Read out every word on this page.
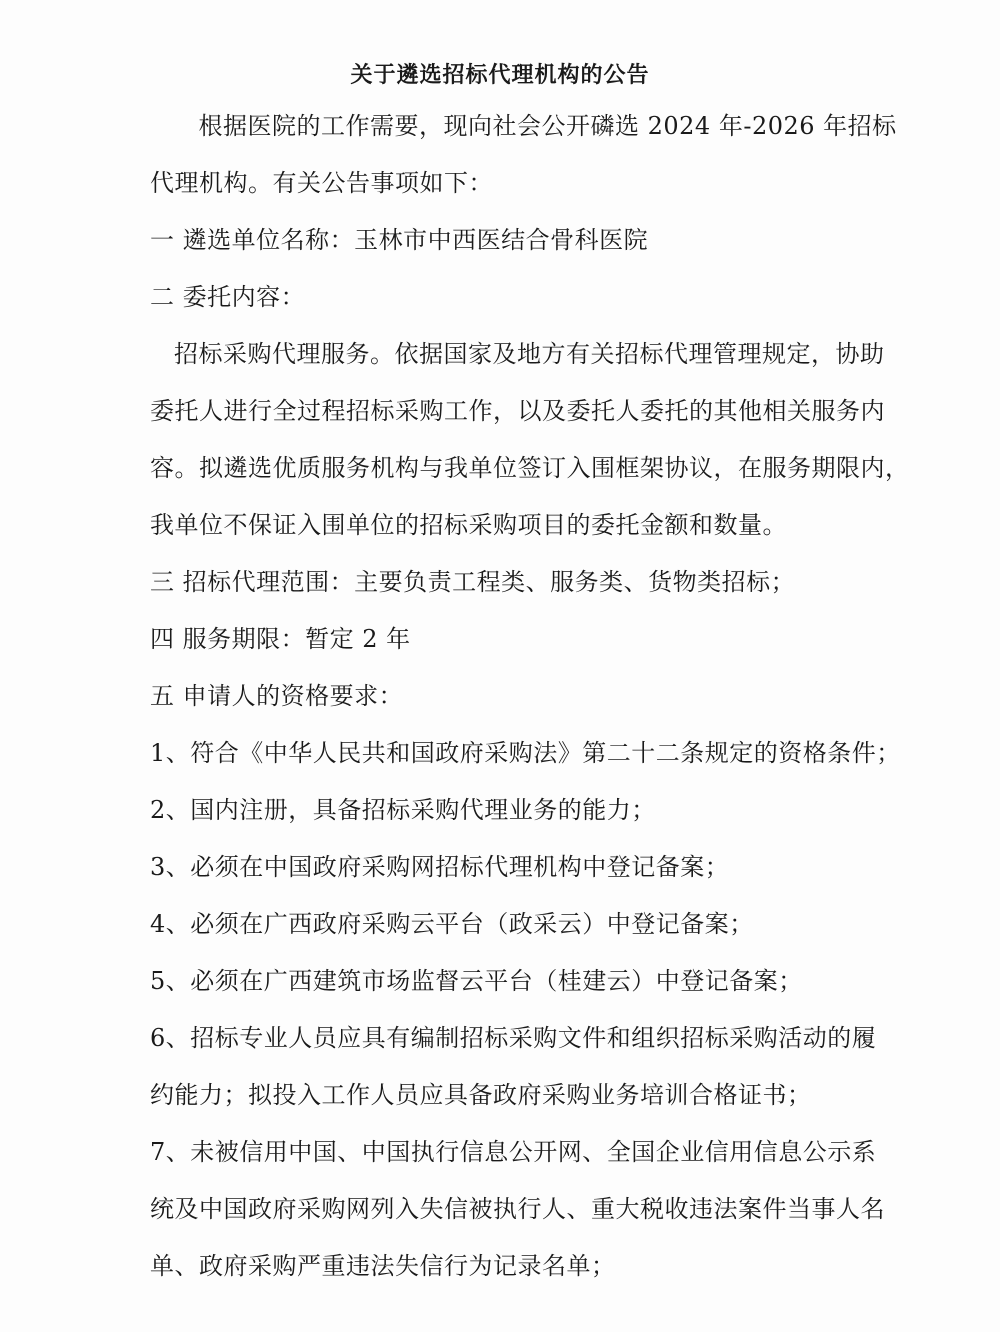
关于遴选招标代理机构的公告
　根据医院的工作需要，现向社会公开磷选 2024 年-2026 年招标
代理机构。有关公告事项如下：
一 遴选单位名称：玉林市中西医结合骨科医院
二 委托内容：
招标采购代理服务。依据国家及地方有关招标代理管理规定，协助
委托人进行全过程招标采购工作，以及委托人委托的其他相关服务内
容。拟遴选优质服务机构与我单位签订入围框架协议，在服务期限内，
我单位不保证入围单位的招标采购项目的委托金额和数量。
三 招标代理范围：主要负责工程类、服务类、货物类招标；
四 服务期限：暂定 2 年
五 申请人的资格要求：
1、符合《中华人民共和国政府采购法》第二十二条规定的资格条件；
2、国内注册，具备招标采购代理业务的能力；
3、必须在中国政府采购网招标代理机构中登记备案；
4、必须在广西政府采购云平台（政采云）中登记备案；
5、必须在广西建筑市场监督云平台（桂建云）中登记备案；
6、招标专业人员应具有编制招标采购文件和组织招标采购活动的履
约能力；拟投入工作人员应具备政府采购业务培训合格证书；
7、未被信用中国、中国执行信息公开网、全国企业信用信息公示系
统及中国政府采购网列入失信被执行人、重大税收违法案件当事人名
单、政府采购严重违法失信行为记录名单；
